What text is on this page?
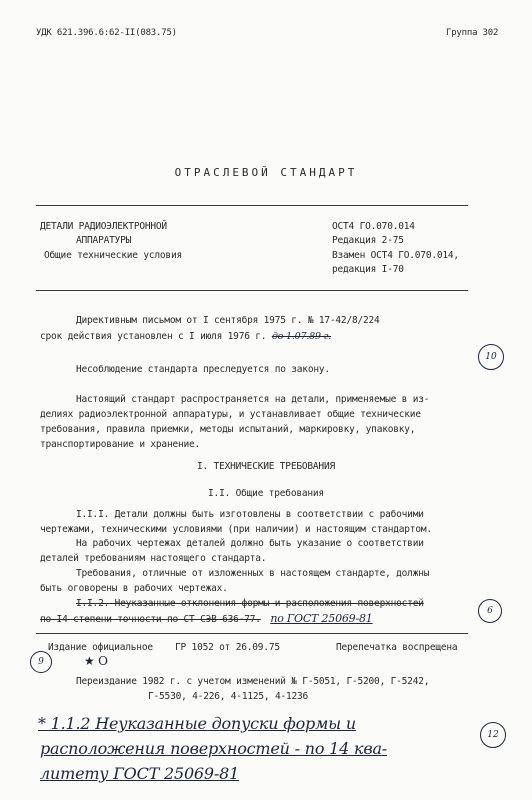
УДК 621.396.6:62-II(083.75)	Группа 302
ОТРАСЛЕВОЙ СТАНДАРТ
ДЕТАЛИ РАДИОЭЛЕКТРОННОЙ
АППАРАТУРЫ
Общие технические условия
ОСТ4 ГО.070.014
Редакция 2-75
Взамен ОСТ4 ГО.070.014,
редакция I-70
Директивным письмом от I сентября 1975 г. № 17-42/8/224
срок действия установлен с I июля 1976 г. до 1.07.89 г.
10
Несоблюдение стандарта преследуется по закону.
Настоящий стандарт распространяется на детали, применяемые в из-
делиях радиоэлектронной аппаратуры, и устанавливает общие технические
требования, правила приемки, методы испытаний, маркировку, упаковку,
транспортирование и хранение.
I. ТЕХНИЧЕСКИЕ ТРЕБОВАНИЯ
I.I. Общие требования
I.I.I. Детали должны быть изготовлены в соответствии с рабочими
чертежами, техническими условиями (при наличии) и настоящим стандартом.
На рабочих чертежах деталей должно быть указание о соответствии
деталей требованиям настоящего стандарта.
Требования, отличные от изложенных в настоящем стандарте, должны
быть оговорены в рабочих чертежах.
I.I.2. Неуказанные отклонения формы и расположения поверхностей
по I4 степени точности по СТ СЭВ 636-77. по ГОСТ 25069-81
6
Издание официальное ГР 1052 от 26.09.75	Перепечатка воспрещена
9	★ О
Переиздание 1982 г. с учетом изменений № Г-5051, Г-5200, Г-5242,
Г-5530, 4-226, 4-1125, 4-1236
* 1.1.2 Неуказанные допуски формы и
расположения поверхностей - по 14 ква-
литету ГОСТ 25069-81
12
